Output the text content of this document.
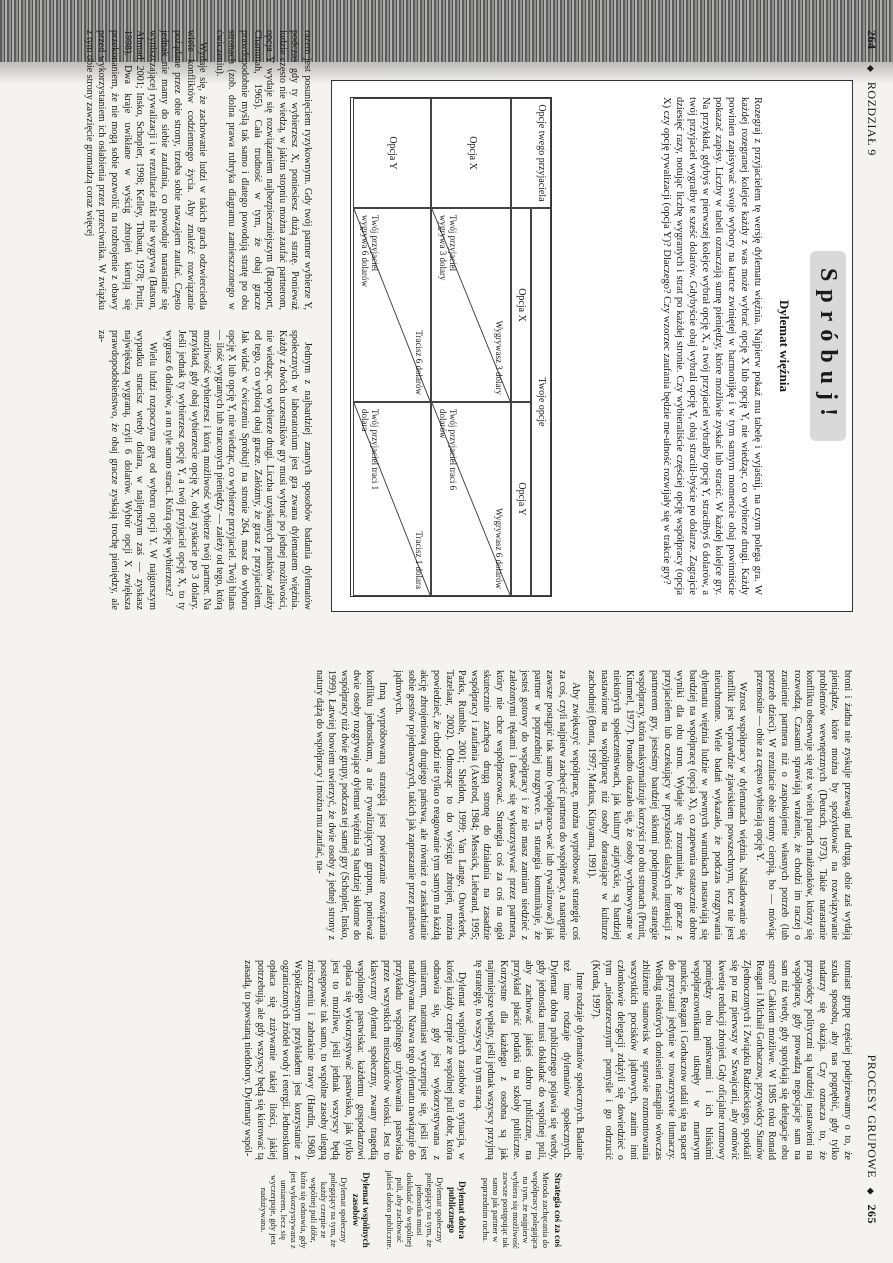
264 ◆ ROZDZIAŁ 9
Spróbuj!
Dylemat więźnia
Rozegraj z przyjacielem tę wersję dylematu więźnia. Najpierw pokaż mu tabelę i wyjaśnij, na czym polega gra. W każdej rozegranej kolejce każdy z was może wybrać opcję X lub opcję Y, nie wiedząc, co wybierze drugi. Każdy powinien zapisywać swoje wybory na kartce zwiniętej w harmonijkę i w tym samym momencie obaj powinniście pokazać zapisy. Liczby w tabeli oznaczają sumę pieniędzy, które możliwie zyskać lub stracić. W każdej kolejce gry. Na przykład, gdybyś w pierwszej kolejce wybrał opcję X, a twój przyjaciel wybrałby opcję Y, straciłbyś 6 dolarów, a twój przyjaciel wygrałby te sześć dolarów. Gdybyście obaj wybrali opcję Y, obaj stracili-byście po dolarze. Zagrajcie dziesięć razy, notując liczbę wygranych i strat po każdej stronie. Czy wybieraliście częściej opcję współpracy (opcja X) czy opcję rywalizacji (opcja Y)? Dlaczego? Czy wzorzec zaufania będzie me-ułność rozwijały się w trakcie gry?
Twoje opcje
Opcja X
Opcja Y
Opcje twego przyjaciela
Opcja X
Opcja Y
Wygrywasz 3 dolary
Twój przyjaciel wygrywa 3 dolary
Wygrywasz 6 dolarów
Twój przyjaciel traci 6 dolarów
Tracisz 6 dolarów
Twój przyjaciel wygrywa 6 dolarów
Tracisz 1 dolara
Twój przyjaciel traci 1 dolara

Jednym z najbardziej znanych sposobów badania dylematów społecznych w laboratorium jest gra zwana dylematem więźnia. Każdy z dwóch uczestników gry musi wybrać po jednej możliwości, nie wiedząc, co wybierze drugi. Liczba uzyskanych punktów zależy od tego, co wybiorą obaj gracze. Załóżmy, że grasz z przyjacielem. Jak widać w ćwiczeniu Spróbuj! na stronie 264, masz do wyboru opcję X lub opcję Y, nie wiedząc, co wybierze przyjaciel. Twój bilans — ilość wygranych lub straconych pieniędzy — zależy od tego, którą możliwość wybierzesz i którą możliwość wybierze twój partner. Na przykład, gdy obaj wybierzecie opcję X, obaj zyskacie po 3 dolary. Jeśli jednak ty wybierzesz opcję Y, a twój przyjaciel opcję X, to ty wygrasz 6 dolarów, a on tyle samo straci. Którą opcję wybierzesz?

Wielu ludzi rozpoczyna grę od wyboru opcji Y. W najgorszym wypadku stracisz wtedy dolara, w najlepszym zaś — zyskasz największą wygraną, czyli 6 dolarów. Wybór opcji X zwiększa prawdopodobieństwo, że obaj gracze zyskają trochę pieniędzy, ale za-

razem jest posunięciem ryzykownym. Gdy twój partner wybierze Y, podczas gdy ty wybierzesz X, poniesiesz dużą stratę. Ponieważ ludzie często nie wiedzą, w jakim stopniu można zaufać partnerom, opcja Y wydaje się rozwiązaniem najbezpieczniejszym (Rapoport, Chammah, 1965). Cała trudność w tym, że obaj gracze prawdopodobnie myślą tak samo i dlatego powodują stratę po obu stronach (zob. dolna prawa rubryka diagramu zamieszczonego w ćwiczeniu).

Wydaje się, że zachowanie ludzi w takich grach odzwierciedla wiele konfliktów codziennego życia. Aby znaleźć rozwiązanie pożądane przez obie strony, trzeba sobie nawzajem zaufać. Często jednak nie mamy do siebie zaufania, co powoduje narastanie się wyniszczającej rywalizacji i w rezultacie nikt nie wygrywa (Batson, Ahmad, 2001; Insko, Schopler, 1998; Kelley, Thibaut, 1978; Pruitt, 1998). Dwa kraje uwikłane w wyścig zbrojeń kierują się przekonaniem, że nie mogą sobie pozwolić na rozbrojenie z obawy przed wykorzystaniem ich osłabienia przez przeciwnika. W związku z tym obie strony zawzięcie gromadzą coraz więcej

PROCESY GRUPOWE ◆ 265

broni i żadna nie zyskuje przewagi nad drugą, obie zaś wydają pieniądze, które można by spożytkować na rozwiązywanie problemów wewnętrznych (Deutsch, 1973). Takie narastanie konfliktu obserwuje się też w wielu parach małżonków, którzy się rozwodzą. Czasami sprawiają wrażenie, że chodzi im raczej o zranienie partnera niż o zaspokojenie własnych potrzeb (lub potrzeb dzieci). W rezultacie obie strony cierpią, bo — mówiąc przenośnie — obie za często wybierają opcję Y.

Wzrost współpracy w dylematach więźnia. Naśladowanie się konflikt jest wprawdzie zjawiskiem powszechnym, lecz nie jest nieuchronne. Wiele badań wykazało, że podczas rozgrywania dylematu więźnia ludzie w pewnych warunkach nastawiają się bardziej na współpracę (opcja X), co zapewnia ostatecznie dobre wyniki dla obu stron. Wydaje się zrozumiałe, że gracze z przyjacielem lub oczekujący w przyszłości dalszych interakcji z partnerem gry, jesteśmy bardziej skłonni podejmować strategie współpracy, która maksymalizuje korzyści po obu stronach (Pruitt, Kimmel, 1977). Ponadto okazało się, że osoby wychowywane w niektórych społeczeństwach, jak kultury azjatyckie, są bardziej nastawione na współpracę niż osoby dorastające w kulturze zachodniej (Bonta, 1997; Markus, Kitayama, 1991).

Aby zwiększyć współpracę, można wypróbować strategię coś za coś, czyli najpierw zachęcić partnera do współpracy, a następnie zawsze postąpić tak samo (współpraco-wać lub rywalizować) jak partner w poprzedniej rozgrywce. Ta strategia komunikuje, że jesteś gotowy do współpracy i że nie masz zamiaru siedzieć z założonymi rękami i dawać się wykorzystywać przez partnera, który nie chce współpracować. Strategia coś za coś na ogół skutecznie zachęca drugą stronę do działania na zasadzie współpracy i zaufania (Axelrod, 1984; Messick, Liebrand, 1995; Parks, Rumble, 2001; Sheldon, 1999; Van Lange, Ouwerkerk, Tazelaar, 2002). Odnosząc to do wyścigu zbrojeń, można powiedzieć, że chodzi nie tylko o reagowanie tym samym na każdą akcję zbrojeniową drugiego państwa, ale również o zaskarbianie sobie gestów pojednawczych, takich jak zapraszanie przez państwo jądrowych.

Inną wypróbowaną strategią jest powierzanie rozwiązania konfliktu jednostkom, a nie rywalizującym grupom, ponieważ dwie osoby rozgrywające dylemat więźnia są bardziej skłonne do współpracy niż dwie grupy, podczas tej samej gry (Schopler, Insko, 1999). Łatwiej bowiem uwierzyć, że dwie osoby z jednej strony z natury dążą do współpracy i można mu zaufać, na-

tomiast grupę częściej podejrzewamy o to, że szuka sposobu, aby nas pognębić, gdy tylko nadarzy się okazja. Czy oznacza to, że przywódcy polityczni są bardziej nastawieni na współpracę, gdy prowadzą negocjacje sam na sam niż wtedy, gdy spotykają się delegacje obu stron? Całkiem możliwe. W 1985 roku Ronald Reagan i Michaił Gorbaczow, przywódcy Stanów Zjednoczonych i Związku Radzieckiego, spotkali się po raz pierwszy w Szwajcarii, aby omówić kwestię redukcji zbrojeń. Gdy oficjalne rozmowy pomiędzy obu państwami i ich bliskimi współpracownikami utknęły w martwym punkcie, Reagan i Gorbaczow udali się na spacer do przystani jedynie w towarzystwie tłumaczy. Według niektórych doniesień nastąpiło wówczas zbliżenie stanowisk w sprawie rozmontowania wszystkich pocisków jądrowych, zanim inni członkowie delegacji zdążyli się dowiedzieć o tym „niedorzecznym” pomyśle i go odrzucić (Korda, 1997).

Inne rodzaje dylematów społecznych. Badanie też inne rodzaje dylematów społecznych. Dylemat dobra publicznego pojawia się wtedy, gdy jednostka musi dokładać do wspólnej puli, aby zachować jakieś dobro publiczne, na przykład płacić podatki na szkoły publiczne. Korzystne dla każdego z osobna są jak najmniejsze wpłaty, jeśli jednak wszyscy przyjmą tę strategię, to wszyscy na tym stracą.

Dylemat wspólnych zasobów to sytuacja, w której każdy czerpie ze wspólnej puli dobr, która odnawia się, gdy jest wykorzystywana z umiarem, natomiast wyczerpuje się, jeśli jest nadużywana. Nazwa tego dylematu nawiązuje do przykładu wspólnego użytkowania pastwiska przez wszystkich mieszkańców wioski. Jest to klasyczny dylemat społeczny, zwany tragedią wspólnego pastwiska: każdemu gospodarzowi opłaca się wykorzystywać pastwisko, jak tylko jest to możliwe, jeśli jednak wszyscy będą postępować tak samo, to wspólne zasoby ulegną zniszczeniu i zabraknie trawy (Hardin, 1968). Współczesnym przykładem jest korzystanie z ograniczonych źródeł wody i energii. Jednostkom opłaca się zużywanie takiej ilości, jakiej potrzebują, ale gdy wszyscy będą się kierować tą zasadą, to powstaną niedobory. Dylematy wspól-

Strategia coś za coś
Metoda zachęcania do współpracy polegająca na tym, że najpierw wybiera się możliwość zawsze postępując tak samo jak partner w poprzednim ruchu.
Dylemat dobra publicznego
Dylemat społeczny polegający na tym, że jednostka musi dokładać do wspólnej puli, aby zachować jakieś dobro publiczne.
Dylemat wspólnych zasobów
Dylemat społeczny polegający na tym, że każdy czerpie ze wspólnej puli dóbr, która się odnawia, gdy jest wykorzystywana z umiarem, lecz się wyczerpuje, gdy jest nadużywana.
